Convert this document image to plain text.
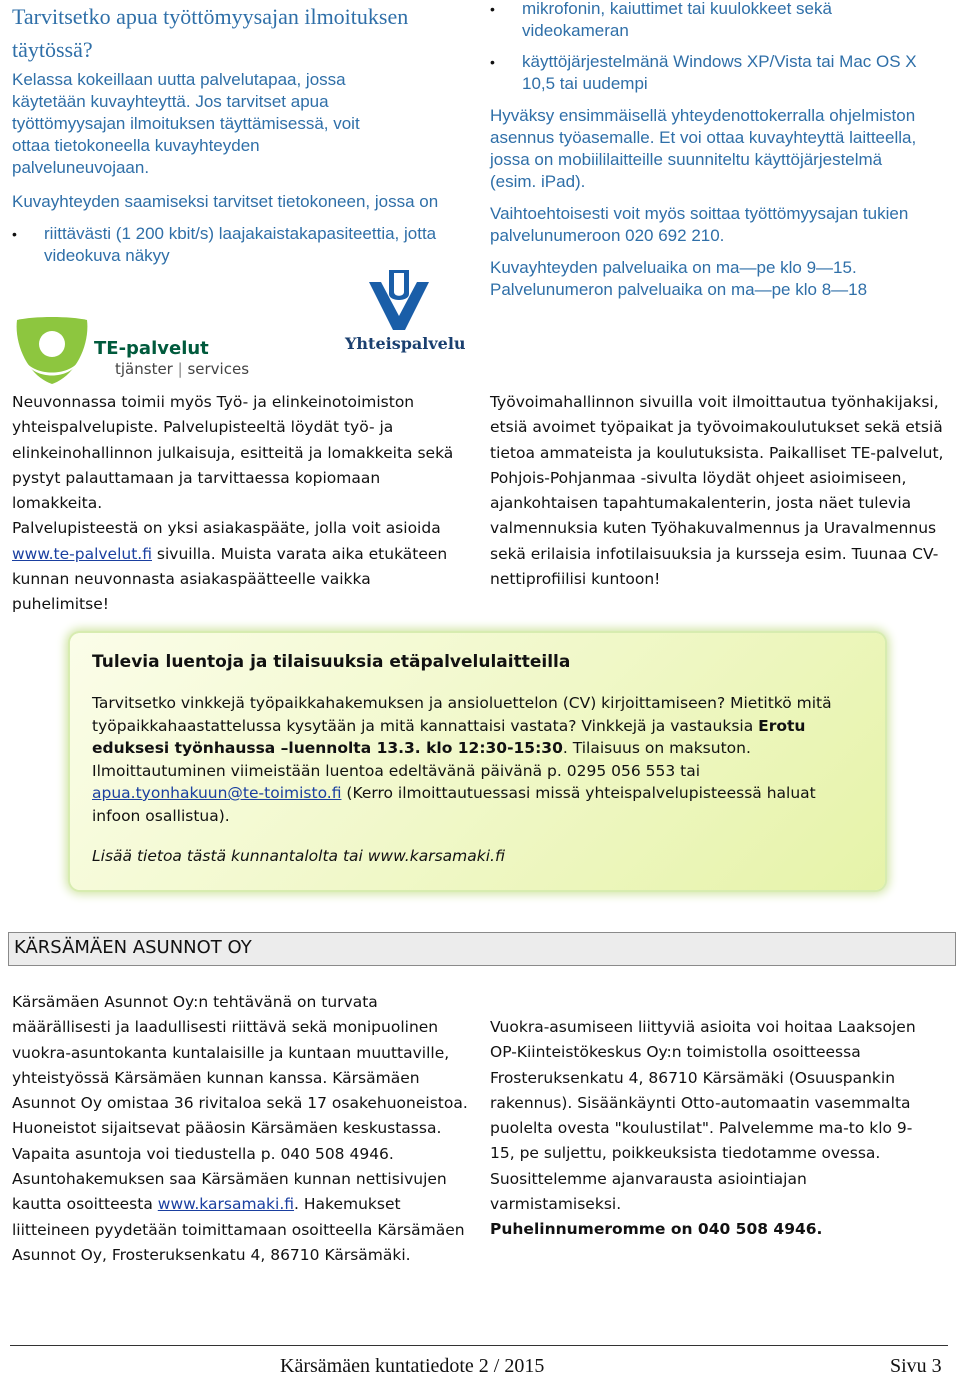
Tarvitsetko apua työttömyysajan ilmoituksen täytössä?
Kelassa kokeillaan uutta palvelutapaa, jossa käytetään kuvayhteyttä. Jos tarvitset apua työttömyysajan ilmoituksen täyttämisessä, voit ottaa tietokoneella kuvayhteyden palveluneuvojaan.
Kuvayhteyden saamiseksi tarvitset tietokoneen, jossa on
• riittävästi (1 200 kbit/s) laajakaistakapasiteettia, jotta videokuva näkyy
• mikrofonin, kaiuttimet tai kuulokkeet sekä videokameran
• käyttöjärjestelmänä Windows XP/Vista tai Mac OS X 10,5 tai uudempi
Hyväksy ensimmäisellä yhteydenottokerralla ohjelmiston asennus työasemalle. Et voi ottaa kuvayhteyttä laitteella, jossa on mobiililaitteille suunniteltu käyttöjärjestelmä (esim. iPad).
Vaihtoehtoisesti voit myös soittaa työttömyysajan tukien palvelunumeroon 020 692 210.
Kuvayhteyden palveluaika on ma—pe klo 9—15.
Palvelunumeron palveluaika on ma—pe klo 8—18
TE-palvelut
tjänster | services
Yhteispalvelu
Neuvonnassa toimii myös Työ- ja elinkeinotoimiston yhteispalvelupiste. Palvelupisteeltä löydät työ- ja elinkeinohallinnon julkaisuja, esitteitä ja lomakkeita sekä pystyt palauttamaan ja tarvittaessa kopiomaan lomakkeita.
Palvelupisteestä on yksi asiakaspääte, jolla voit asioida www.te-palvelut.fi sivuilla. Muista varata aika etukäteen kunnan neuvonnasta asiakaspäätteelle vaikka puhelimitse!
Työvoimahallinnon sivuilla voit ilmoittautua työnhakijaksi, etsiä avoimet työpaikat ja työvoimakoulutukset sekä etsiä tietoa ammateista ja koulutuksista. Paikalliset TE-palvelut, Pohjois-Pohjanmaa -sivulta löydät ohjeet asioimiseen, ajankohtaisen tapahtumakalenterin, josta näet tulevia valmennuksia kuten Työhakuvalmennus ja Uravalmennus sekä erilaisia infotilaisuuksia ja kursseja esim. Tuunaa CV-nettiprofiilisi kuntoon!
Tulevia luentoja ja tilaisuuksia etäpalvelulaitteilla
Tarvitsetko vinkkejä työpaikkahakemuksen ja ansioluettelon (CV) kirjoittamiseen? Mietitkö mitä työpaikkahaastattelussa kysytään ja mitä kannattaisi vastata? Vinkkejä ja vastauksia Erotu eduksesi työnhaussa –luennolta 13.3. klo 12:30-15:30. Tilaisuus on maksuton. Ilmoittautuminen viimeistään luentoa edeltävänä päivänä p. 0295 056 553 tai apua.tyonhakuun@te-toimisto.fi (Kerro ilmoittautuessasi missä yhteispalvelupisteessä haluat infoon osallistua).
Lisää tietoa tästä kunnantalolta tai www.karsamaki.fi
KÄRSÄMÄEN ASUNNOT OY
Kärsämäen Asunnot Oy:n tehtävänä on turvata määrällisesti ja laadullisesti riittävä sekä monipuolinen vuokra-asuntokanta kuntalaisille ja kuntaan muuttaville, yhteistyössä Kärsämäen kunnan kanssa. Kärsämäen Asunnot Oy omistaa 36 rivitaloa sekä 17 osakehuoneistoa. Huoneistot sijaitsevat pääosin Kärsämäen keskustassa. Vapaita asuntoja voi tiedustella p. 040 508 4946. Asuntohakemuksen saa Kärsämäen kunnan nettisivujen kautta osoitteesta www.karsamaki.fi. Hakemukset liitteineen pyydetään toimittamaan osoitteella Kärsämäen Asunnot Oy, Frosteruksenkatu 4, 86710 Kärsämäki.
Vuokra-asumiseen liittyviä asioita voi hoitaa Laaksojen OP-Kiinteistökeskus Oy:n toimistolla osoitteessa Frosteruksenkatu 4, 86710 Kärsämäki (Osuuspankin rakennus). Sisäänkäynti Otto-automaatin vasemmalta puolelta ovesta "koulustilat". Palvelemme ma-to klo 9-15, pe suljettu, poikkeuksista tiedotamme ovessa. Suosittelemme ajanvarausta asiointiajan varmistamiseksi.
Puhelinnumeromme on 040 508 4946.
Kärsämäen kuntatiedote 2 / 2015	Sivu 3
